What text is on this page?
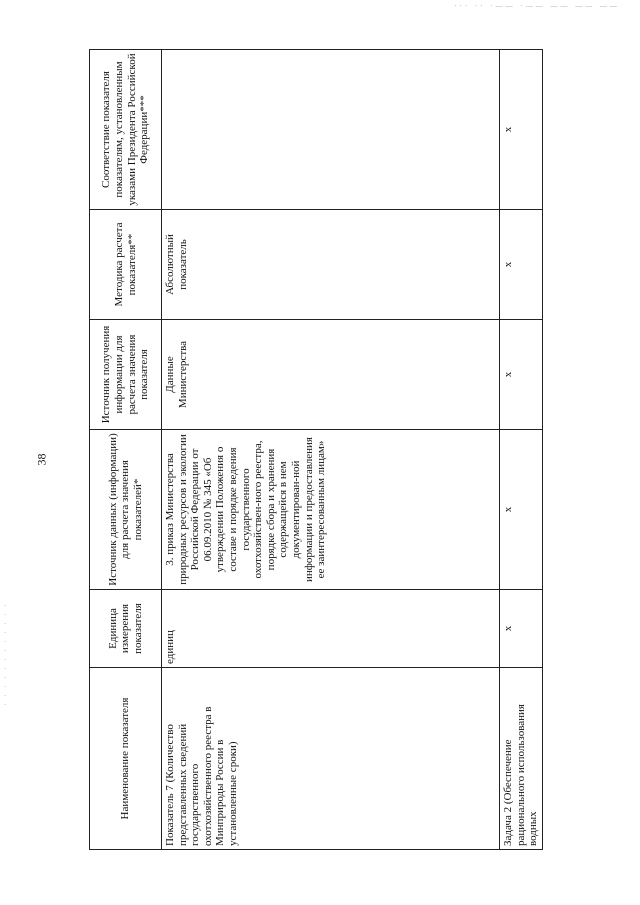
··· ·· ·—— ·—— —— —— ——
· · · · · · · · · · · ·
38
Наименование показателя	Единица измерения показателя	Источник данных (информации) для расчета значения показателей*	Источник получения информации для расчета значения показателя	Методика расчета показателя**	Соответствие показателя показателям, установленным указами Президента Российской Федерации***
Показатель 7 (Количество представленных сведений государственного охотхозяйственного реестра в Минприроды России в установленные сроки)	единиц	3. приказ Министерства природных ресурсов и экологии Российской Федерации от 06.09.2010 № 345 «Об утверждении Положения о составе и порядке ведения государственного охотхозяйствен-ного реестра, порядке сбора и хранения содержащейся в нем документирован-ной информации и предоставления ее заинтересованным лицам»	Данные Министерства	Абсолютный показатель	
Задача 2 (Обеспечение рационального использования водных	x	x	x	x	x
